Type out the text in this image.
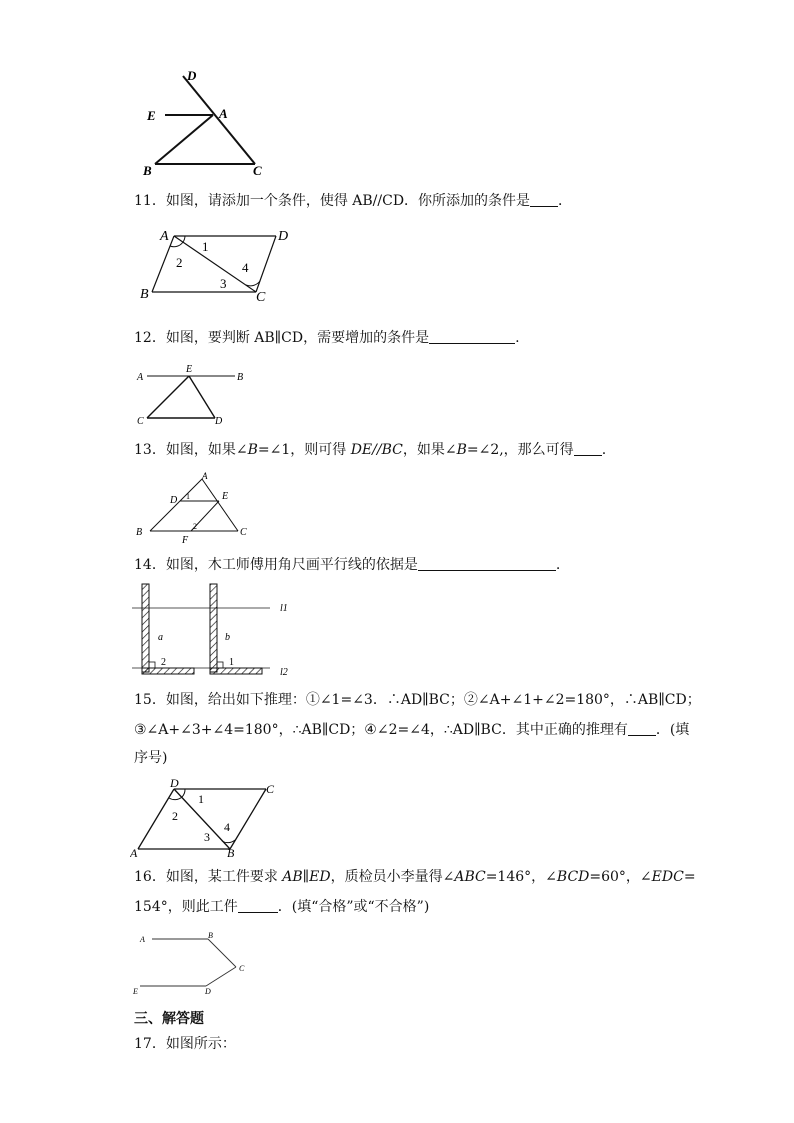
D
E	A
B	C
11．如图，请添加一个条件，使得 AB//CD．你所添加的条件是 ．
A	D
1
2	4
3
B	C
12．如图，要判断 AB∥CD，需要增加的条件是	.
A
E
B
C	D
13．如图，如果∠B=∠1，则可得 DE//BC，如果∠B=∠2,，那么可得 .
A
D 1	E
B
2
F
C
14．如图，木工师傅用角尺画平行线的依据是	.
l1
a	b
2	1
l2
15．如图，给出如下推理：①∠1=∠3．∴AD∥BC；②∠A+∠1+∠2=180°，∴AB∥CD；
③∠A+∠3+∠4=180°，∴AB∥CD；④∠2=∠4，∴AD∥BC．其中正确的推理有 ．(填
序号)
D	C
1
2
3
4
A	B
16．如图，某工件要求 AB∥ED，质检员小李量得∠ABC=146°，∠BCD=60°，∠EDC=
154°，则此工件	．(填“合格”或“不合格”)
A	B
C
E	D
三、解答题
17．如图所示：
